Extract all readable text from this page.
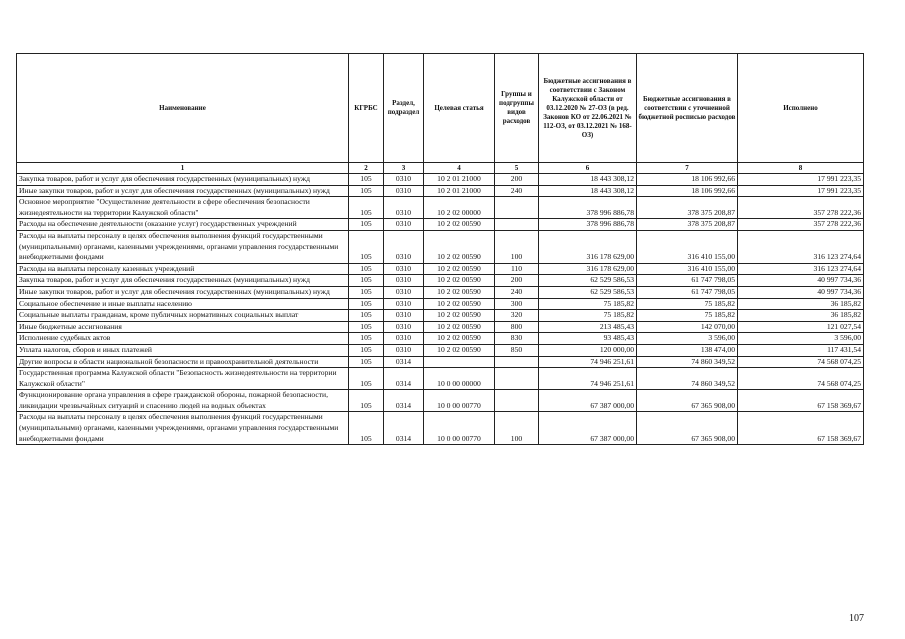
Наименование	КГРБС	Раздел, подраздел	Целевая статья	Группы и подгруппы видов расходов	Бюджетные ассигнования в соответствии с Законом Калужской области от 03.12.2020 № 27-ОЗ (в ред. Законов КО от 22.06.2021 № 112-ОЗ, от 03.12.2021 № 168-ОЗ)	Бюджетные ассигнования в соответствии с уточненной бюджетной росписью расходов	Исполнено
1	2	3	4	5	6	7	8
Закупка товаров, работ и услуг для обеспечения государственных (муниципальных) нужд	105	0310	10 2 01 21000	200	18 443 308,12	18 106 992,66	17 991 223,35
Иные закупки товаров, работ и услуг для обеспечения государственных (муниципальных) нужд	105	0310	10 2 01 21000	240	18 443 308,12	18 106 992,66	17 991 223,35
Основное мероприятие "Осуществление деятельности в сфере обеспечения безопасности жизнедеятельности на территории Калужской области"	105	0310	10 2 02 00000		378 996 886,78	378 375 208,87	357 278 222,36
Расходы на обеспечение деятельности (оказание услуг) государственных учреждений	105	0310	10 2 02 00590		378 996 886,78	378 375 208,87	357 278 222,36
Расходы на выплаты персоналу в целях обеспечения выполнения функций государственными (муниципальными) органами, казенными учреждениями, органами управления государственными внебюджетными фондами	105	0310	10 2 02 00590	100	316 178 629,00	316 410 155,00	316 123 274,64
Расходы на выплаты персоналу казенных учреждений	105	0310	10 2 02 00590	110	316 178 629,00	316 410 155,00	316 123 274,64
Закупка товаров, работ и услуг для обеспечения государственных (муниципальных) нужд	105	0310	10 2 02 00590	200	62 529 586,53	61 747 798,05	40 997 734,36
Иные закупки товаров, работ и услуг для обеспечения государственных (муниципальных) нужд	105	0310	10 2 02 00590	240	62 529 586,53	61 747 798,05	40 997 734,36
Социальное обеспечение и иные выплаты населению	105	0310	10 2 02 00590	300	75 185,82	75 185,82	36 185,82
Социальные выплаты гражданам, кроме публичных нормативных социальных выплат	105	0310	10 2 02 00590	320	75 185,82	75 185,82	36 185,82
Иные бюджетные ассигнования	105	0310	10 2 02 00590	800	213 485,43	142 070,00	121 027,54
Исполнение судебных актов	105	0310	10 2 02 00590	830	93 485,43	3 596,00	3 596,00
Уплата налогов, сборов и иных платежей	105	0310	10 2 02 00590	850	120 000,00	138 474,00	117 431,54
Другие вопросы в области национальной безопасности и правоохранительной деятельности	105	0314			74 946 251,61	74 860 349,52	74 568 074,25
Государственная программа Калужской области "Безопасность жизнедеятельности на территории Калужской области"	105	0314	10 0 00 00000		74 946 251,61	74 860 349,52	74 568 074,25
Функционирование органа управления в сфере гражданской обороны, пожарной безопасности, ликвидации чрезвычайных ситуаций и спасению людей на водных объектах	105	0314	10 0 00 00770		67 387 000,00	67 365 908,00	67 158 369,67
Расходы на выплаты персоналу в целях обеспечения выполнения функций государственными (муниципальными) органами, казенными учреждениями, органами управления государственными внебюджетными фондами	105	0314	10 0 00 00770	100	67 387 000,00	67 365 908,00	67 158 369,67
107
